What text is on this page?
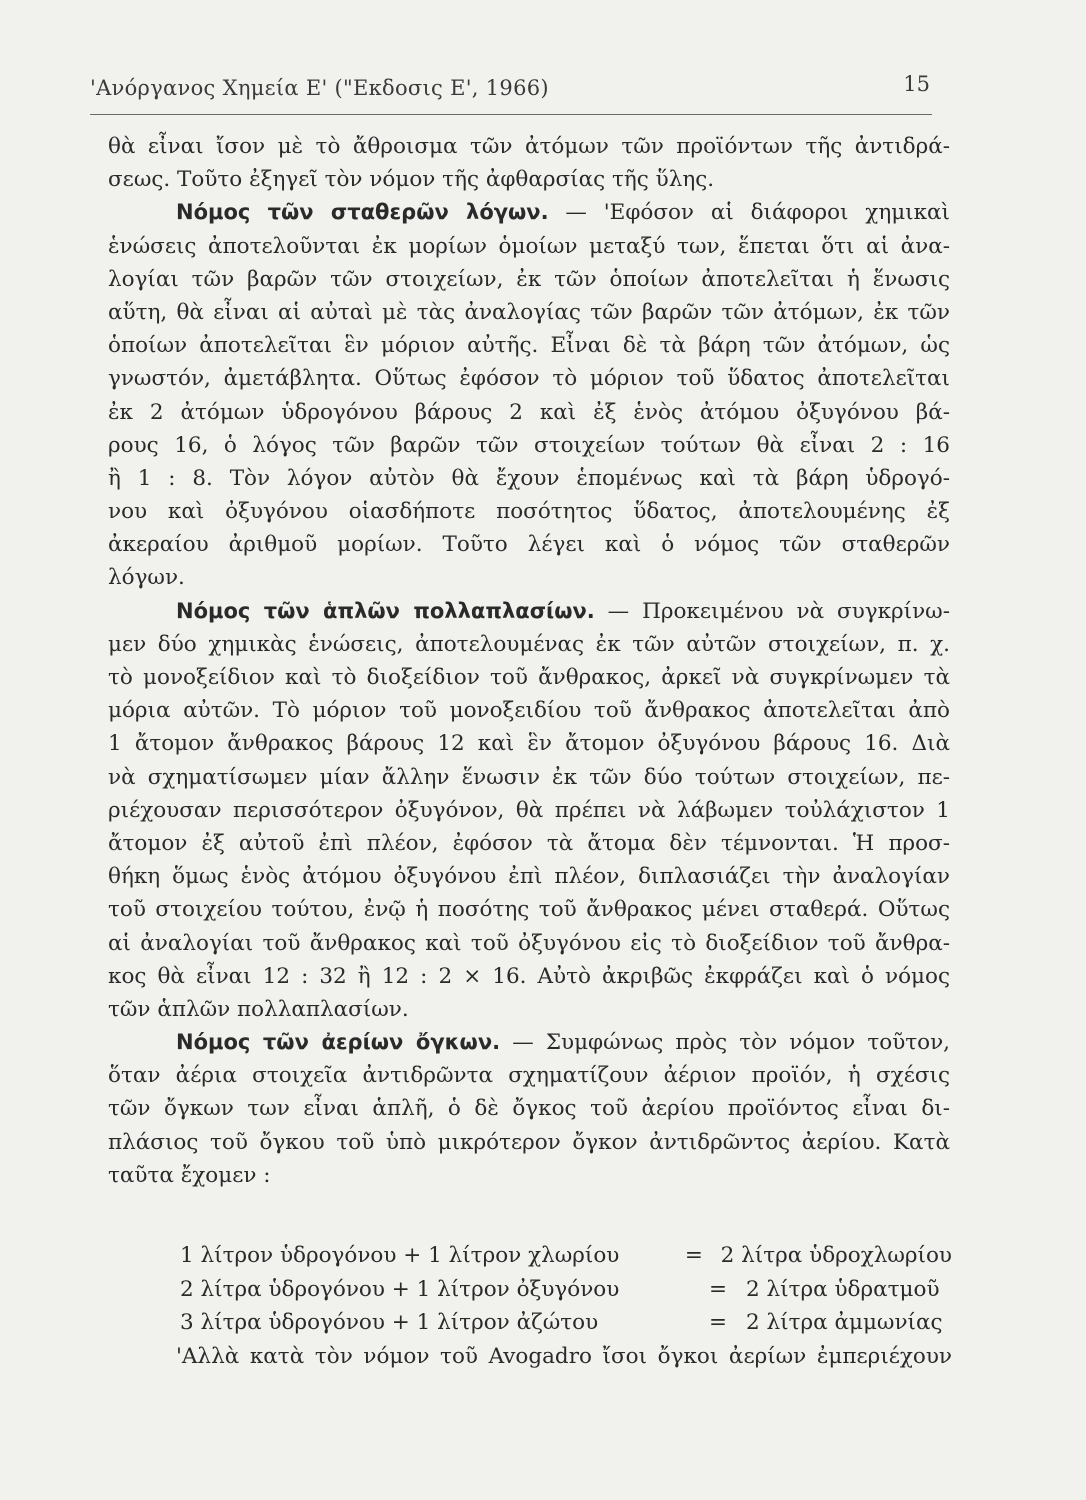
'Ανόργανος Χημεία Ε' ("Εκδοσις Ε', 1966)	15
θὰ εἶναι ἴσον μὲ τὸ ἄθροισμα τῶν ἀτόμων τῶν προϊόντων τῆς ἀντιδρά-
σεως. Τοῦτο ἐξηγεῖ τὸν νόμον τῆς ἀφθαρσίας τῆς ὕλης.
Νόμος τῶν σταθερῶν λόγων. — 'Εφόσον αἱ διάφοροι χημικαὶ
ἑνώσεις ἀποτελοῦνται ἐκ μορίων ὁμοίων μεταξύ των, ἕπεται ὅτι αἱ ἀνα-
λογίαι τῶν βαρῶν τῶν στοιχείων, ἐκ τῶν ὁποίων ἀποτελεῖται ἡ ἕνωσις
αὕτη, θὰ εἶναι αἱ αὐταὶ μὲ τὰς ἀναλογίας τῶν βαρῶν τῶν ἀτόμων, ἐκ τῶν
ὁποίων ἀποτελεῖται ἓν μόριον αὐτῆς. Εἶναι δὲ τὰ βάρη τῶν ἀτόμων, ὡς
γνωστόν, ἀμετάβλητα. Οὕτως ἐφόσον τὸ μόριον τοῦ ὕδατος ἀποτελεῖται
ἐκ 2 ἀτόμων ὑδρογόνου βάρους 2 καὶ ἐξ ἑνὸς ἀτόμου ὀξυγόνου βά-
ρους 16, ὁ λόγος τῶν βαρῶν τῶν στοιχείων τούτων θὰ εἶναι 2 : 16
ἢ 1 : 8. Τὸν λόγον αὐτὸν θὰ ἔχουν ἑπομένως καὶ τὰ βάρη ὑδρογό-
νου καὶ ὀξυγόνου οἱασδήποτε ποσότητος ὕδατος, ἀποτελουμένης ἐξ
ἀκεραίου ἀριθμοῦ μορίων. Τοῦτο λέγει καὶ ὁ νόμος τῶν σταθερῶν
λόγων.
Νόμος τῶν ἁπλῶν πολλαπλασίων. — Προκειμένου νὰ συγκρίνω-
μεν δύο χημικὰς ἑνώσεις, ἀποτελουμένας ἐκ τῶν αὐτῶν στοιχείων, π. χ.
τὸ μονοξείδιον καὶ τὸ διοξείδιον τοῦ ἄνθρακος, ἀρκεῖ νὰ συγκρίνωμεν τὰ
μόρια αὐτῶν. Τὸ μόριον τοῦ μονοξειδίου τοῦ ἄνθρακος ἀποτελεῖται ἀπὸ
1 ἄτομον ἄνθρακος βάρους 12 καὶ ἓν ἄτομον ὀξυγόνου βάρους 16. Διὰ
νὰ σχηματίσωμεν μίαν ἄλλην ἕνωσιν ἐκ τῶν δύο τούτων στοιχείων, πε-
ριέχουσαν περισσότερον ὀξυγόνον, θὰ πρέπει νὰ λάβωμεν τοὐλάχιστον 1
ἄτομον ἐξ αὐτοῦ ἐπὶ πλέον, ἐφόσον τὰ ἄτομα δὲν τέμνονται. Ἡ προσ-
θήκη ὅμως ἑνὸς ἀτόμου ὀξυγόνου ἐπὶ πλέον, διπλασιάζει τὴν ἀναλογίαν
τοῦ στοιχείου τούτου, ἐνῷ ἡ ποσότης τοῦ ἄνθρακος μένει σταθερά. Οὕτως
αἱ ἀναλογίαι τοῦ ἄνθρακος καὶ τοῦ ὀξυγόνου εἰς τὸ διοξείδιον τοῦ ἄνθρα-
κος θὰ εἶναι 12 : 32 ἢ 12 : 2 × 16. Αὐτὸ ἀκριβῶς ἐκφράζει καὶ ὁ νόμος
τῶν ἁπλῶν πολλαπλασίων.
Νόμος τῶν ἀερίων ὄγκων. — Συμφώνως πρὸς τὸν νόμον τοῦτον,
ὅταν ἀέρια στοιχεῖα ἀντιδρῶντα σχηματίζουν ἀέριον προϊόν, ἡ σχέσις
τῶν ὄγκων των εἶναι ἁπλῆ, ὁ δὲ ὄγκος τοῦ ἀερίου προϊόντος εἶναι δι-
πλάσιος τοῦ ὄγκου τοῦ ὑπὸ μικρότερον ὄγκον ἀντιδρῶντος ἀερίου. Κατὰ
ταῦτα ἔχομεν :
1 λίτρον ὑδρογόνου + 1 λίτρον χλωρίου	= 2 λίτρα ὑδροχλωρίου
2 λίτρα ὑδρογόνου + 1 λίτρον ὀξυγόνου	= 2 λίτρα ὑδρατμοῦ
3 λίτρα ὑδρογόνου + 1 λίτρον ἀζώτου	= 2 λίτρα ἀμμωνίας
'Αλλὰ κατὰ τὸν νόμον τοῦ Avogadro ἴσοι ὄγκοι ἀερίων ἐμπεριέχουν
